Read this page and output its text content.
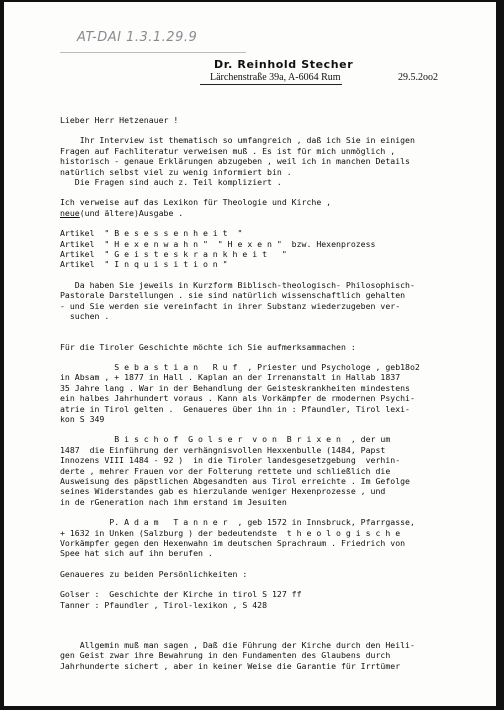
AT-DAI 1.3.1.29.9
Dr. Reinhold Stecher
Lärchenstraße 39a, A-6064 Rum	29.5.2oo2
Lieber Herr Hetzenauer !
Ihr Interview ist thematisch so umfangreich , daß ich Sie in einigen
Fragen auf Fachliteratur verweisen muß . Es ist für mich unmöglich ,
historisch - genaue Erklärungen abzugeben , weil ich in manchen Details
natürlich selbst viel zu wenig informiert bin .
Die Fragen sind auch z. Teil kompliziert .
Ich verweise auf das Lexikon für Theologie und Kirche ,
neue(und ältere)Ausgabe .
Artikel  " B e s e s s e n h e i t  "
Artikel  " H e x e n w a h n "  " H e x e n "  bzw. Hexenprozess
Artikel  " G e i s t e s k r a n k h e i t   "
Artikel  " I n q u i s i t i o n "
Da haben Sie jeweils in Kurzform Biblisch-theologisch- Philosophisch-
Pastorale Darstellungen . sie sind natürlich wissenschaftlich gehalten
- und Sie werden sie vereinfacht in ihrer Substanz wiederzugeben ver-
suchen .
Für die Tiroler Geschichte möchte ich Sie aufmerksammachen :
S e b a s t i a n   R u f  , Priester und Psychologe , geb18o2
in Absam , + 1877 in Hall . Kaplan an der Irrenanstalt in Hallab 1837
35 Jahre lang . War in der Behandlung der Geisteskrankheiten mindestens
ein halbes Jahrhundert voraus . Kann als Vorkämpfer de rmodernen Psychi-
atrie in Tirol gelten .  Genaueres über ihn in : Pfaundler, Tirol lexi-
kon S 349
B i s c h o f  G o l s e r  v o n  B r i x e n  , der um
1487  die Einführung der verhängnisvollen Hexxenbulle (1484, Papst
Innozens VIII 1484 - 92 )  in die Tiroler landesgesetzgebung  verhin-
derte , mehrer Frauen vor der Folterung rettete und schließlich die
Ausweisung des päpstlichen Abgesandten aus Tirol erreichte . Im Gefolge
seines Widerstandes gab es hierzulande weniger Hexenprozesse , und
in de rGeneration nach ihm erstand im Jesuiten
P. A d a m   T a n n e r  , geb 1572 in Innsbruck, Pfarrgasse,
+ 1632 in Unken (Salzburg ) der bedeutendste  t h e o l o g i s c h e
Vorkämpfer gegen den Hexenwahn im deutschen Sprachraum . Friedrich von
Spee hat sich auf ihn berufen .
Genaueres zu beiden Persönlichkeiten :
Golser :  Geschichte der Kirche in tirol S 127 ff
Tanner : Pfaundler , Tirol-lexikon , S 428
Allgemin muß man sagen , Daß die Führung der Kirche durch den Heili-
gen Geist zwar ihre Bewahrung in den Fundamenten des Glaubens durch
Jahrhunderte sichert , aber in keiner Weise die Garantie für Irrtümer
